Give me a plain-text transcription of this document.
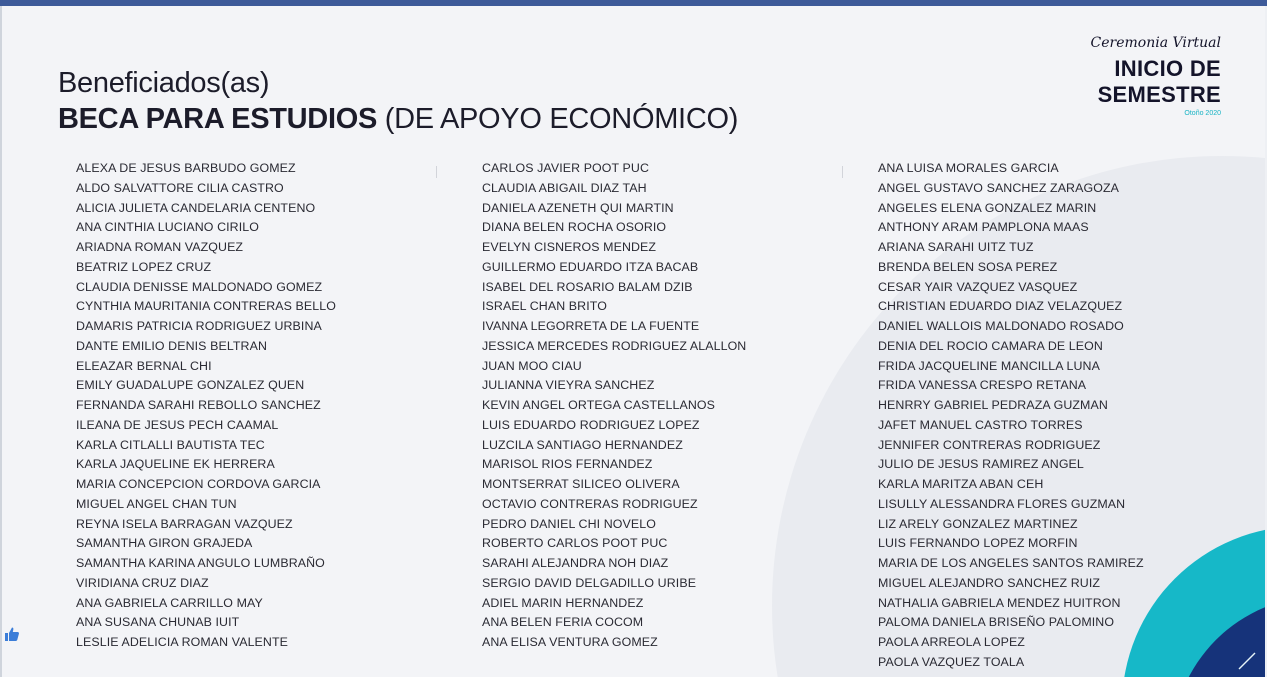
Beneficiados(as)
BECA PARA ESTUDIOS (DE APOYO ECONÓMICO)
Ceremonia Virtual
INICIO DE
SEMESTRE
Otoño 2020
ALEXA DE JESUS BARBUDO GOMEZ
ALDO SALVATTORE CILIA CASTRO
ALICIA JULIETA CANDELARIA CENTENO
ANA CINTHIA LUCIANO CIRILO
ARIADNA ROMAN VAZQUEZ
BEATRIZ LOPEZ CRUZ
CLAUDIA DENISSE MALDONADO GOMEZ
CYNTHIA MAURITANIA CONTRERAS BELLO
DAMARIS PATRICIA RODRIGUEZ URBINA
DANTE EMILIO DENIS BELTRAN
ELEAZAR BERNAL CHI
EMILY GUADALUPE GONZALEZ QUEN
FERNANDA SARAHI REBOLLO SANCHEZ
ILEANA DE JESUS PECH CAAMAL
KARLA CITLALLI BAUTISTA TEC
KARLA JAQUELINE EK HERRERA
MARIA CONCEPCION CORDOVA GARCIA
MIGUEL ANGEL CHAN TUN
REYNA ISELA BARRAGAN VAZQUEZ
SAMANTHA GIRON GRAJEDA
SAMANTHA KARINA ANGULO LUMBRAÑO
VIRIDIANA CRUZ DIAZ
ANA GABRIELA CARRILLO MAY
ANA SUSANA CHUNAB IUIT
LESLIE ADELICIA ROMAN VALENTE
CARLOS JAVIER POOT PUC
CLAUDIA ABIGAIL DIAZ TAH
DANIELA AZENETH QUI MARTIN
DIANA BELEN ROCHA OSORIO
EVELYN CISNEROS MENDEZ
GUILLERMO EDUARDO ITZA BACAB
ISABEL DEL ROSARIO BALAM DZIB
ISRAEL CHAN BRITO
IVANNA LEGORRETA DE LA FUENTE
JESSICA MERCEDES RODRIGUEZ ALALLON
JUAN MOO CIAU
JULIANNA VIEYRA SANCHEZ
KEVIN ANGEL ORTEGA CASTELLANOS
LUIS EDUARDO RODRIGUEZ LOPEZ
LUZCILA SANTIAGO HERNANDEZ
MARISOL RIOS FERNANDEZ
MONTSERRAT SILICEO OLIVERA
OCTAVIO CONTRERAS RODRIGUEZ
PEDRO DANIEL CHI NOVELO
ROBERTO CARLOS POOT PUC
SARAHI ALEJANDRA NOH DIAZ
SERGIO DAVID DELGADILLO URIBE
ADIEL MARIN HERNANDEZ
ANA BELEN FERIA COCOM
ANA ELISA VENTURA GOMEZ
ANA LUISA MORALES GARCIA
ANGEL GUSTAVO SANCHEZ ZARAGOZA
ANGELES ELENA GONZALEZ MARIN
ANTHONY ARAM PAMPLONA MAAS
ARIANA SARAHI UITZ TUZ
BRENDA BELEN SOSA PEREZ
CESAR YAIR VAZQUEZ VASQUEZ
CHRISTIAN EDUARDO DIAZ VELAZQUEZ
DANIEL WALLOIS MALDONADO ROSADO
DENIA DEL ROCIO CAMARA DE LEON
FRIDA JACQUELINE MANCILLA LUNA
FRIDA VANESSA CRESPO RETANA
HENRRY GABRIEL PEDRAZA GUZMAN
JAFET MANUEL CASTRO TORRES
JENNIFER CONTRERAS RODRIGUEZ
JULIO DE JESUS RAMIREZ ANGEL
KARLA MARITZA ABAN CEH
LISULLY ALESSANDRA FLORES GUZMAN
LIZ ARELY GONZALEZ MARTINEZ
LUIS FERNANDO LOPEZ MORFIN
MARIA DE LOS ANGELES SANTOS RAMIREZ
MIGUEL ALEJANDRO SANCHEZ RUIZ
NATHALIA GABRIELA MENDEZ HUITRON
PALOMA DANIELA BRISEÑO PALOMINO
PAOLA ARREOLA LOPEZ
PAOLA VAZQUEZ TOALA
